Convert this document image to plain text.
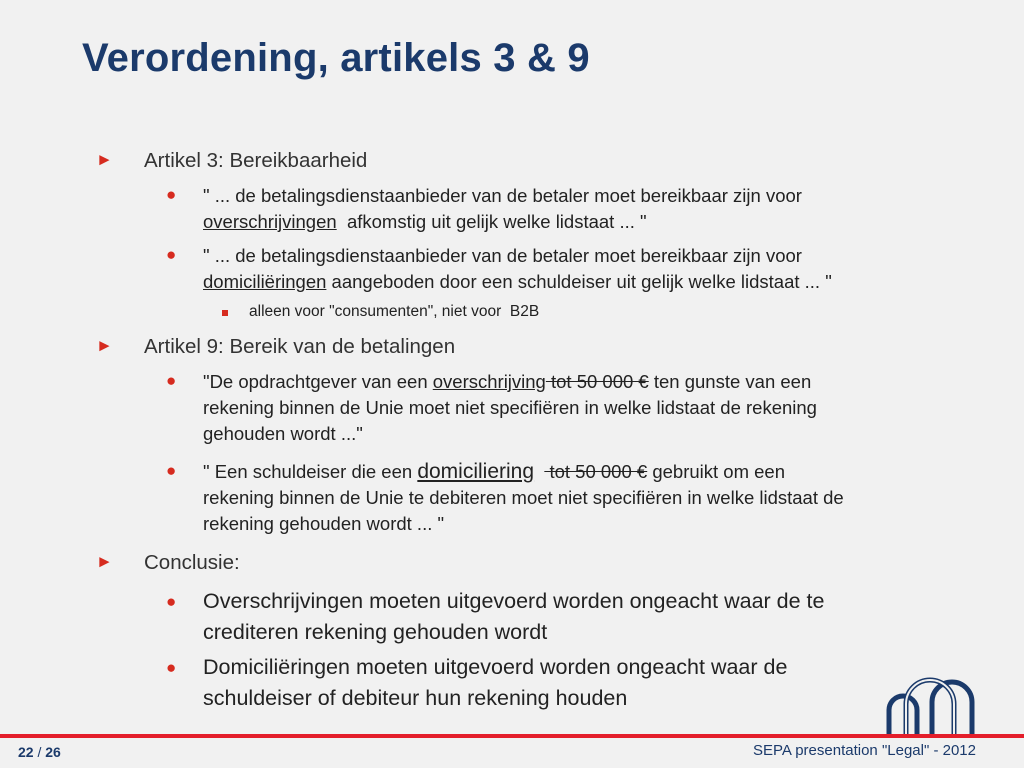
Verordening, artikels 3 & 9
► Artikel 3: Bereikbaarheid
● " ... de betalingsdienstaanbieder van de betaler moet bereikbaar zijn voor
overschrijvingen  afkomstig uit gelijk welke lidstaat ... "
● " ... de betalingsdienstaanbieder van de betaler moet bereikbaar zijn voor
domiciliëringen aangeboden door een schuldeiser uit gelijk welke lidstaat ... "
alleen voor "consumenten", niet voor  B2B
► Artikel 9: Bereik van de betalingen
● "De opdrachtgever van een overschrijving tot 50 000 € ten gunste van een
rekening binnen de Unie moet niet specifiëren in welke lidstaat de rekening
gehouden wordt ..."
● " Een schuldeiser die een domiciliering   tot 50 000 € gebruikt om een
rekening binnen de Unie te debiteren moet niet specifiëren in welke lidstaat de
rekening gehouden wordt ... "
► Conclusie:
● Overschrijvingen moeten uitgevoerd worden ongeacht waar de te
crediteren rekening gehouden wordt
● Domiciliëringen moeten uitgevoerd worden ongeacht waar de
schuldeiser of debiteur hun rekening houden
22 / 26	SEPA presentation "Legal" - 2012
